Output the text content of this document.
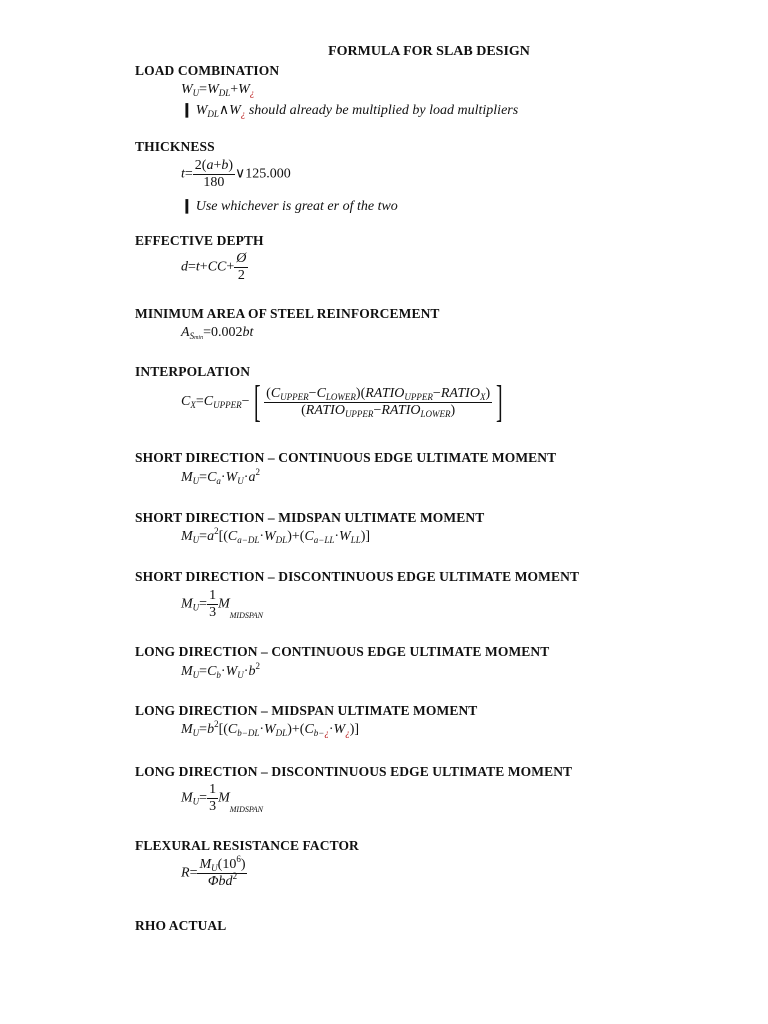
FORMULA FOR SLAB DESIGN
LOAD COMBINATION
$W_U=W_{DL}+W_¿$
❙ $W_{DL}\wedge W_¿$ should already be multiplied by load multipliers
THICKNESS
$t= \frac{2(a+b)}{180}$ ∨125.000
❙ Use whichever is great er of the two
EFFECTIVE DEPTH
$d=t+CC+ \frac{Ø}{2}$
MINIMUM AREA OF STEEL REINFORCEMENT
$A_{Smin}=0.002bt$
INTERPOLATION
$C_X=C_{UPPER}-[ \frac{(C_{UPPER}-C_{LOWER})(RATIO_{UPPER}-RATIO_X)}{(RATIO_{UPPER}-RATIO_{LOWER})}$ ]
SHORT DIRECTION – CONTINUOUS EDGE ULTIMATE MOMENT
$M_U=C_a\cdot W_U\cdot a^2$
SHORT DIRECTION – MIDSPAN ULTIMATE MOMENT
$M_U=a^2[(C_{a-DL}\cdot W_{DL})+(C_{a-LL}\cdot W_{LL})]$
SHORT DIRECTION – DISCONTINUOUS EDGE ULTIMATE MOMENT
$M_U= \frac{1}{3} M_{MIDSPAN}$
LONG DIRECTION – CONTINUOUS EDGE ULTIMATE MOMENT
$M_U=C_b\cdot W_U\cdot b^2$
LONG DIRECTION – MIDSPAN ULTIMATE MOMENT
$M_U=b^2[(C_{b-DL}\cdot W_{DL})+(C_{b-¿}\cdot W_¿)]$
LONG DIRECTION – DISCONTINUOUS EDGE ULTIMATE MOMENT
$M_U= \frac{1}{3} M_{MIDSPAN}$
FLEXURAL RESISTANCE FACTOR
$R= \frac{M_U(10^6)}{\Phi bd^2}$
RHO ACTUAL
